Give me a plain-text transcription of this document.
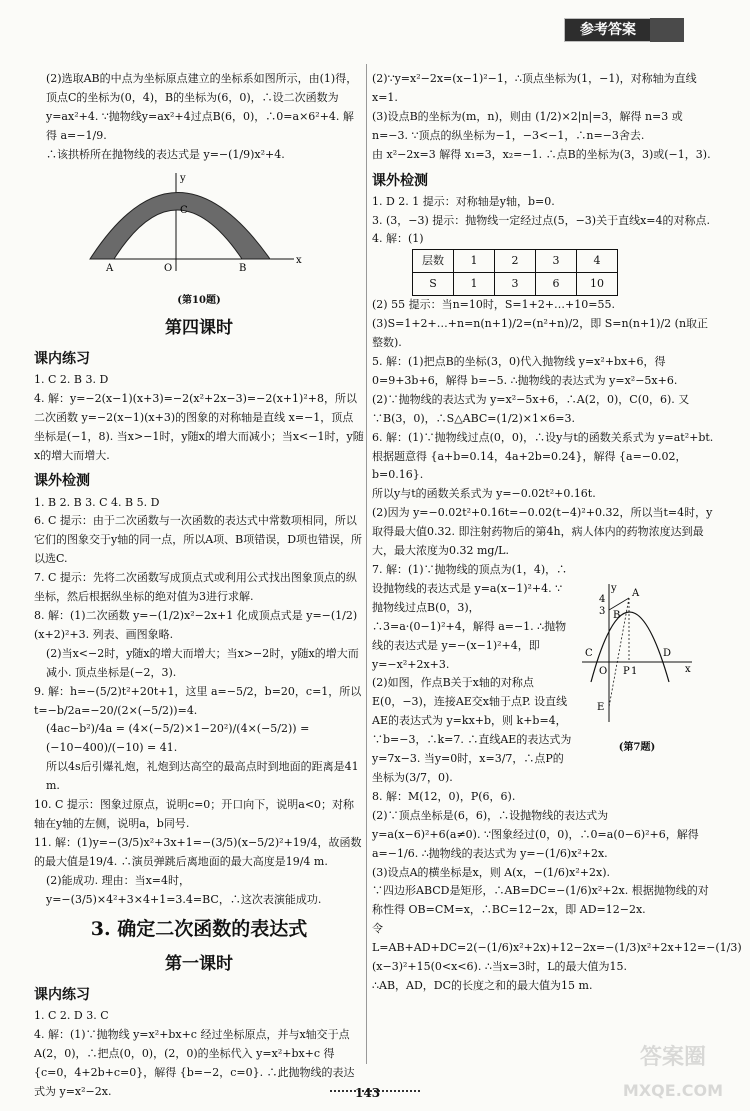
参考答案

(2)选取AB的中点为坐标原点建立的坐标系如图所示，由(1)得，顶点C的坐标为(0，4)，B的坐标为(6，0)，∴设二次函数为y=ax²+4. ∵抛物线y=ax²+4过点B(6，0)，∴0=a×6²+4. 解得 a=−1/9.

∴该拱桥所在抛物线的表达式是 y=−(1/9)x²+4.

y
x
C
A	O	B
(第10题)
第四课时
课内练习

1. C 2. B 3. D

4. 解：y=−2(x−1)(x+3)=−2(x²+2x−3)=−2(x+1)²+8，所以二次函数 y=−2(x−1)(x+3)的图象的对称轴是直线 x=−1，顶点坐标是(−1，8). 当x>−1时，y随x的增大而减小；当x<−1时，y随x的增大而增大.

课外检测

1. B 2. B 3. C 4. B 5. D

6. C 提示：由于二次函数与一次函数的表达式中常数项相同，所以它们的图象交于y轴的同一点，所以A项、B项错误，D项也错误，所以选C.

7. C 提示：先将二次函数写成顶点式或利用公式找出图象顶点的纵坐标，然后根据纵坐标的绝对值为3进行求解.

8. 解：(1)二次函数 y=−(1/2)x²−2x+1 化成顶点式是 y=−(1/2)(x+2)²+3. 列表、画图象略.

(2)当x<−2时，y随x的增大而增大；当x>−2时，y随x的增大而减小. 顶点坐标是(−2，3).

9. 解：h=−(5/2)t²+20t+1，这里 a=−5/2，b=20，c=1，所以 t=−b/2a=−20/(2×(−5/2))=4.

(4ac−b²)/4a = (4×(−5/2)×1−20²)/(4×(−5/2)) = (−10−400)/(−10) = 41.

所以4s后引爆礼炮，礼炮到达高空的最高点时到地面的距离是41 m.

10. C 提示：图象过原点，说明c=0；开口向下，说明a<0；对称轴在y轴的左侧，说明a，b同号.

11. 解：(1)y=−(3/5)x²+3x+1=−(3/5)(x−5/2)²+19/4，故函数的最大值是19/4. ∴演员弹跳后离地面的最大高度是19/4 m.

(2)能成功. 理由：当x=4时，y=−(3/5)×4²+3×4+1=3.4=BC，∴这次表演能成功.

3. 确定二次函数的表达式
第一课时
课内练习

1. C 2. D 3. C

4. 解：(1)∵抛物线 y=x²+bx+c 经过坐标原点，并与x轴交于点A(2，0)，∴把点(0，0)，(2，0)的坐标代入 y=x²+bx+c 得 {c=0，4+2b+c=0}，解得 {b=−2，c=0}. ∴此抛物线的表达式为 y=x²−2x.

(2)∵y=x²−2x=(x−1)²−1，∴顶点坐标为(1，−1)，对称轴为直线 x=1.

(3)设点B的坐标为(m，n)，则由 (1/2)×2|n|=3，解得 n=3 或 n=−3. ∵顶点的纵坐标为−1，−3<−1，∴n=−3舍去.

由 x²−2x=3 解得 x₁=3，x₂=−1. ∴点B的坐标为(3，3)或(−1，3).

课外检测

1. D 2. 1 提示：对称轴是y轴，b=0.

3. (3，−3) 提示：抛物线一定经过点(5，−3)关于直线x=4的对称点.

4. 解：(1)

层数	1	2	3	4
S	1	3	6	10

(2) 55 提示：当n=10时，S=1+2+…+10=55.

(3)S=1+2+…+n=n(n+1)/2=(n²+n)/2，即 S=n(n+1)/2 (n取正整数).

5. 解：(1)把点B的坐标(3，0)代入抛物线 y=x²+bx+6，得 0=9+3b+6，解得 b=−5. ∴抛物线的表达式为 y=x²−5x+6.

(2)∵抛物线的表达式为 y=x²−5x+6，∴A(2，0)，C(0，6). 又∵B(3，0)，∴S△ABC=(1/2)×1×6=3.

6. 解：(1)∵抛物线过点(0，0)，∴设y与t的函数关系式为 y=at²+bt.

根据题意得 {a+b=0.14，4a+2b=0.24}，解得 {a=−0.02，b=0.16}.

所以y与t的函数关系式为 y=−0.02t²+0.16t.

(2)因为 y=−0.02t²+0.16t=−0.02(t−4)²+0.32，所以当t=4时，y取得最大值0.32. 即注射药物后的第4h，病人体内的药物浓度达到最大，最大浓度为0.32 mg/L.

7. 解：(1)∵抛物线的顶点为(1，4)，∴设抛物线的表达式是 y=a(x−1)²+4. ∵抛物线过点B(0，3)，∴3=a·(0−1)²+4，解得 a=−1. ∴抛物线的表达式是 y=−(x−1)²+4，即 y=−x²+2x+3.

(2)如图，作点B关于x轴的对称点E(0，−3)，连接AE交x轴于点P. 设直线AE的表达式为 y=kx+b，则 k+b=4，∵b=−3，∴k=7. ∴直线AE的表达式为 y=7x−3. 当y=0时，x=3/7，∴点P的坐标为(3/7，0).

8. 解：M(12，0)，P(6，6).

(2)∵顶点坐标是(6，6)，∴设抛物线的表达式为 y=a(x−6)²+6(a≠0). ∵图象经过(0，0)，∴0=a(0−6)²+6，解得 a=−1/6. ∴抛物线的表达式为 y=−(1/6)x²+2x.

(3)设点A的横坐标是x，则 A(x，−(1/6)x²+2x).

∵四边形ABCD是矩形，∴AB=DC=−(1/6)x²+2x. 根据抛物线的对称性得 OB=CM=x，∴BC=12−2x，即 AD=12−2x.

令 L=AB+AD+DC=2(−(1/6)x²+2x)+12−2x=−(1/3)x²+2x+12=−(1/3)(x−3)²+15(0<x<6). ∴当x=3时，L的最大值为15.

∴AB，AD，DC的长度之和的最大值为15 m.

y
x
A
B
C
O P 1
D
E
4
3
(第7题)
143
答案圈
MXQE.COM
